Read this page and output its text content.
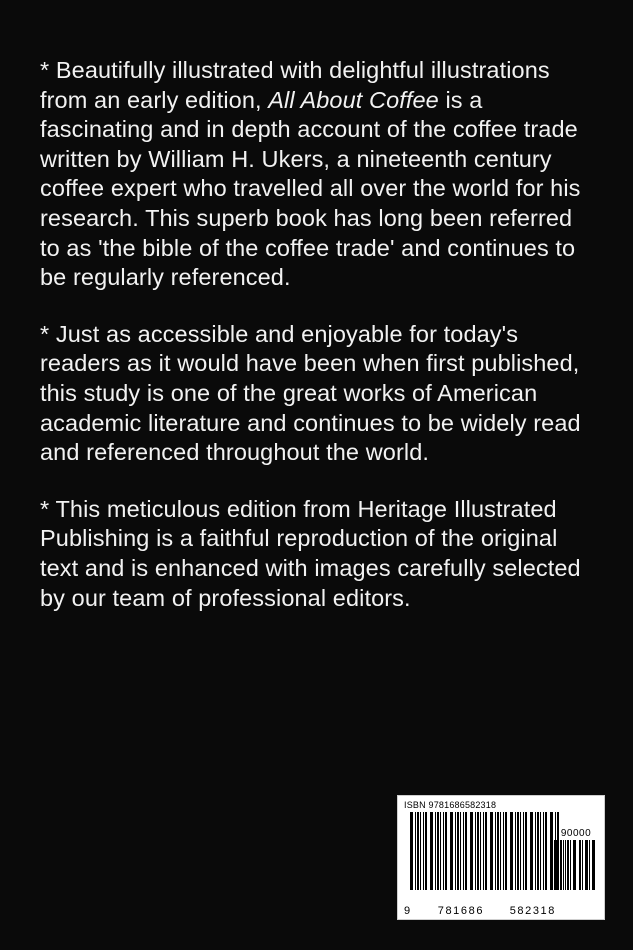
* Beautifully illustrated with delightful illustrations from an early edition, All About Coffee is a fascinating and in depth account of the coffee trade written by William H. Ukers, a nineteenth century coffee expert who travelled all over the world for his research. This superb book has long been referred to as 'the bible of the coffee trade' and continues to be regularly referenced.

* Just as accessible and enjoyable for today's readers as it would have been when first published, this study is one of the great works of American academic literature and continues to be widely read and referenced throughout the world.

* This meticulous edition from Heritage Illustrated Publishing is a faithful reproduction of the original text and is enhanced with images carefully selected by our team of professional editors.

ISBN 9781686582318
90000
9	781686 582318
